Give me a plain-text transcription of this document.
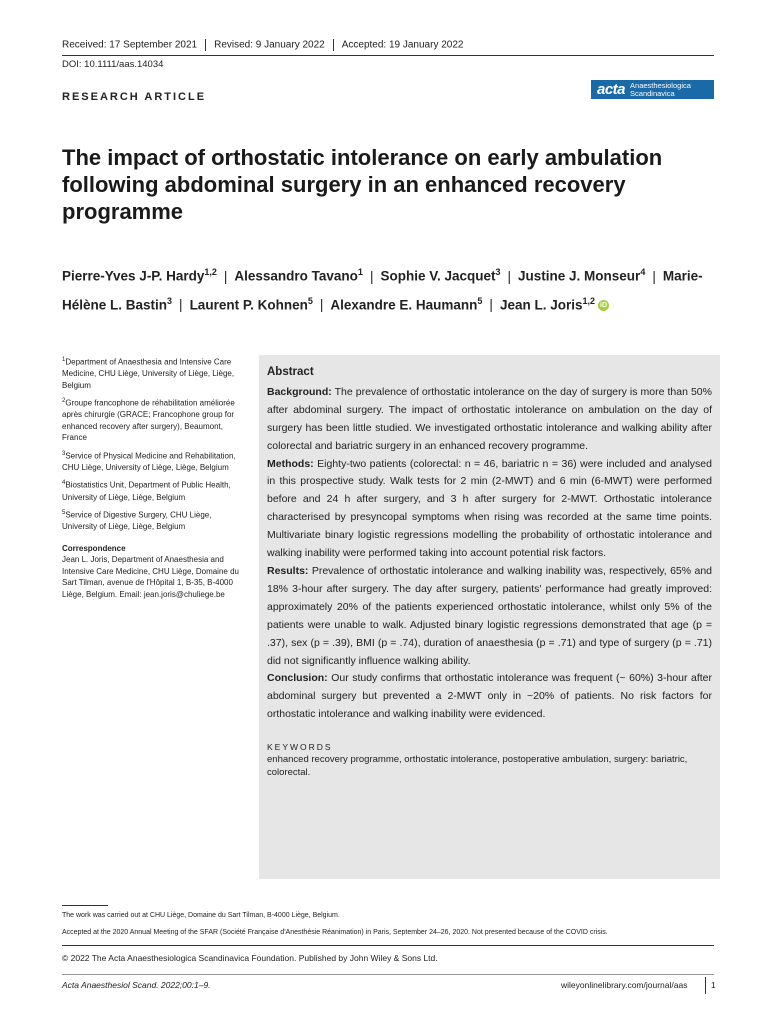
Received: 17 September 2021 Revised: 9 January 2022 Accepted: 19 January 2022
DOI: 10.1111/aas.14034
RESEARCH ARTICLE	acta Anaesthesiologica
Scandinavica
The impact of orthostatic intolerance on early ambulation following abdominal surgery in an enhanced recovery programme
Pierre-Yves J-P. Hardy$^{1,2}$ | Alessandro Tavano$^1$ | Sophie V. Jacquet$^3$ | Justine J. Monseur$^4$ | Marie-Hélène L. Bastin$^3$ | Laurent P. Kohnen$^5$ | Alexandre E. Haumann$^5$ | Jean L. Joris$^{1,2}$ iD
$^1$Department of Anaesthesia and Intensive Care Medicine, CHU Liège, University of Liège, Liège, Belgium
$^2$Groupe francophone de réhabilitation améliorée après chirurgie (GRACE; Francophone group for enhanced recovery after surgery), Beaumont, France
$^3$Service of Physical Medicine and Rehabilitation, CHU Liège, University of Liège, Liège, Belgium
$^4$Biostatistics Unit, Department of Public Health, University of Liège, Liège, Belgium
$^5$Service of Digestive Surgery, CHU Liège, University of Liège, Liège, Belgium
Correspondence
Jean L. Joris, Department of Anaesthesia and Intensive Care Medicine, CHU Liège, Domaine du Sart Tilman, avenue de l'Hôpital 1, B-35, B-4000 Liège, Belgium. Email: jean.joris@chuliege.be
Abstract

Background: The prevalence of orthostatic intolerance on the day of surgery is more than 50% after abdominal surgery. The impact of orthostatic intolerance on ambulation on the day of surgery has been little studied. We investigated orthostatic intolerance and walking ability after colorectal and bariatric surgery in an enhanced recovery programme.

Methods: Eighty-two patients (colorectal: n = 46, bariatric n = 36) were included and analysed in this prospective study. Walk tests for 2 min (2-MWT) and 6 min (6-MWT) were performed before and 24 h after surgery, and 3 h after surgery for 2-MWT. Orthostatic intolerance characterised by presyncopal symptoms when rising was recorded at the same time points. Multivariate binary logistic regressions modelling the probability of orthostatic intolerance and walking inability were performed taking into account potential risk factors.

Results: Prevalence of orthostatic intolerance and walking inability was, respectively, 65% and 18% 3-hour after surgery. The day after surgery, patients' performance had greatly improved: approximately 20% of the patients experienced orthostatic intolerance, whilst only 5% of the patients were unable to walk. Adjusted binary logistic regressions demonstrated that age (p = .37), sex (p = .39), BMI (p = .74), duration of anaesthesia (p = .71) and type of surgery (p = .71) did not significantly influence walking ability.

Conclusion: Our study confirms that orthostatic intolerance was frequent (~ 60%) 3-hour after abdominal surgery but prevented a 2-MWT only in ~20% of patients. No risk factors for orthostatic intolerance and walking inability were evidenced.

KEYWORDS
enhanced recovery programme, orthostatic intolerance, postoperative ambulation, surgery: bariatric, colorectal.
The work was carried out at CHU Liège, Domaine du Sart Tilman, B-4000 Liège, Belgium.
Accepted at the 2020 Annual Meeting of the SFAR (Société Française d'Anesthésie Réanimation) in Paris, September 24–26, 2020. Not presented because of the COVID crisis.
© 2022 The Acta Anaesthesiologica Scandinavica Foundation. Published by John Wiley & Sons Ltd.
Acta Anaesthesiol Scand. 2022;00:1–9.	wileyonlinelibrary.com/journal/aas	1
